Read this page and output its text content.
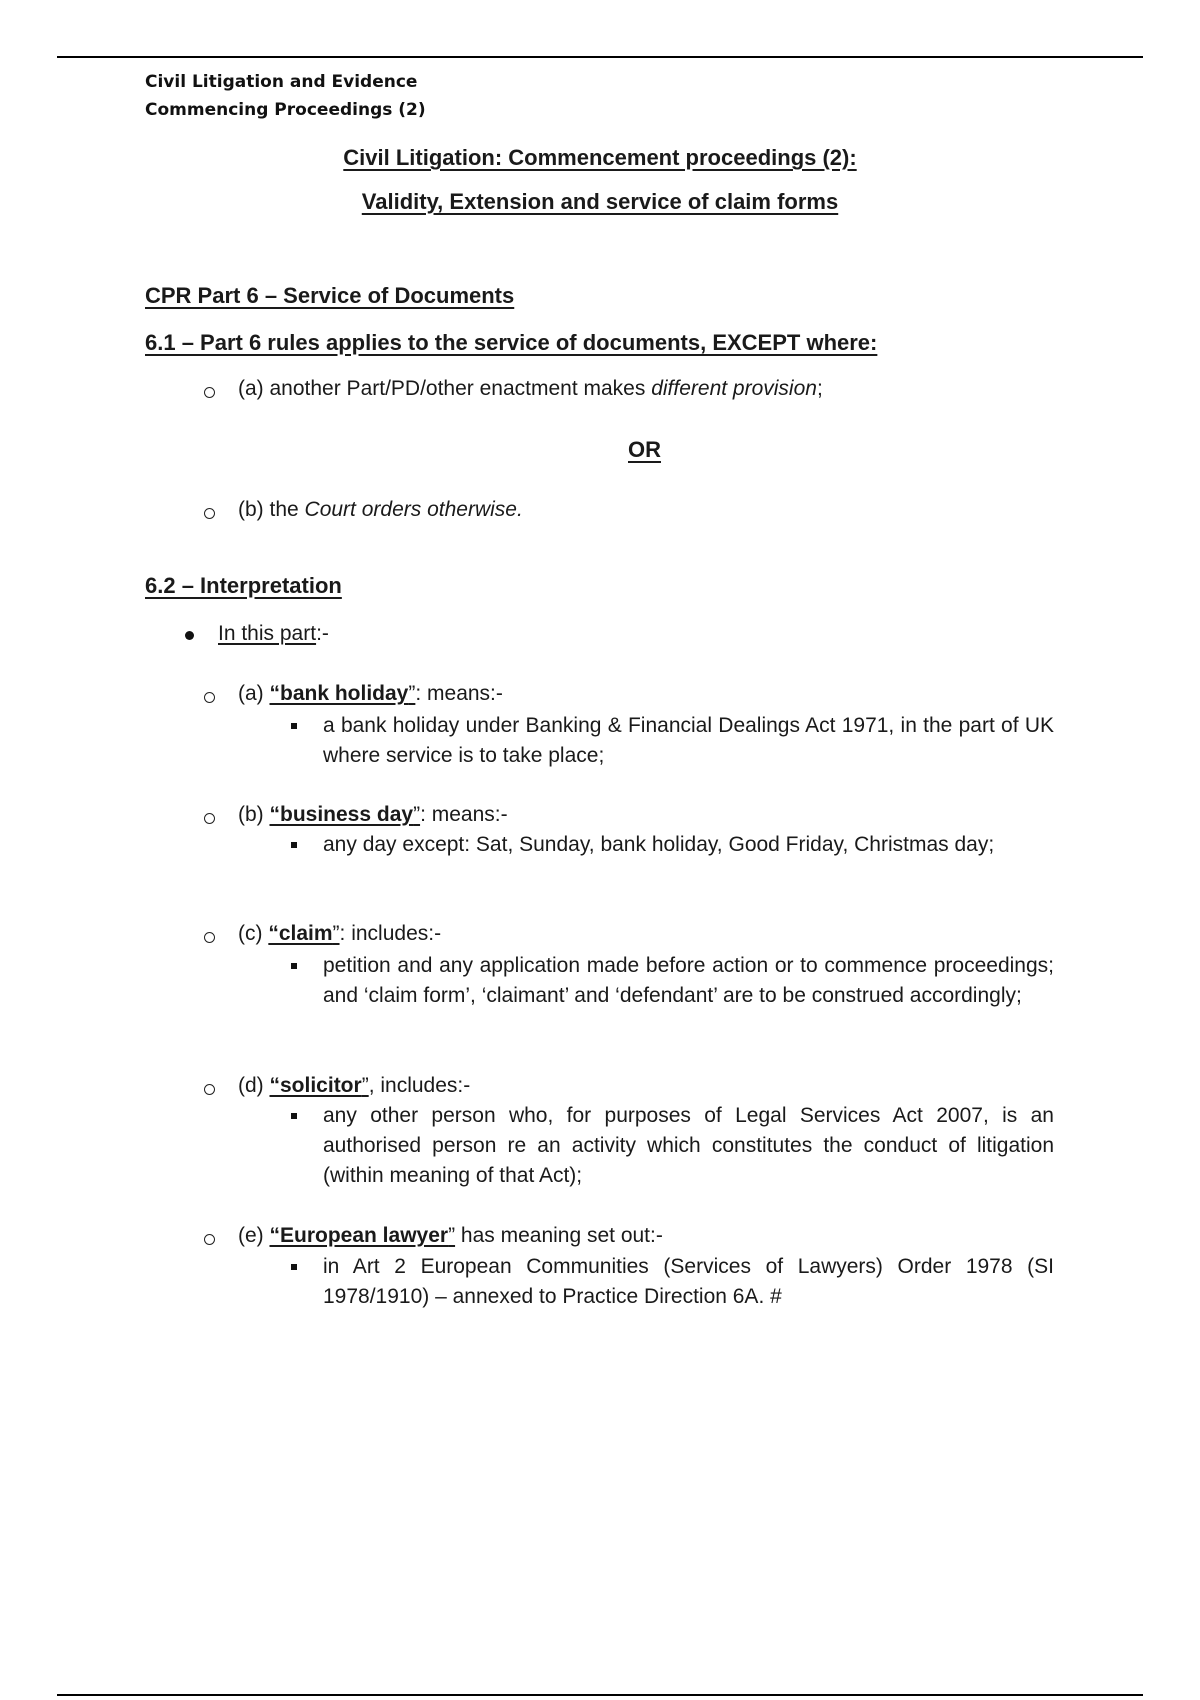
Civil Litigation and Evidence
Commencing Proceedings (2)
Civil Litigation: Commencement proceedings (2):
Validity, Extension and service of claim forms
CPR Part 6 – Service of Documents
6.1 – Part 6 rules applies to the service of documents, EXCEPT where:
(a) another Part/PD/other enactment makes different provision;
OR
(b) the Court orders otherwise.
6.2 – Interpretation
In this part:-
(a) “bank holiday”: means:-
a bank holiday under Banking & Financial Dealings Act 1971, in the part of UK where service is to take place;
(b) “business day”: means:-
any day except: Sat, Sunday, bank holiday, Good Friday, Christmas day;
(c) “claim”: includes:-
petition and any application made before action or to commence proceedings; and ‘claim form’, ‘claimant’ and ‘defendant’ are to be construed accordingly;
(d) “solicitor”, includes:-
any other person who, for purposes of Legal Services Act 2007, is an authorised person re an activity which constitutes the conduct of litigation (within meaning of that Act);
(e) “European lawyer” has meaning set out:-
in Art 2 European Communities (Services of Lawyers) Order 1978 (SI 1978/1910) – annexed to Practice Direction 6A. #
